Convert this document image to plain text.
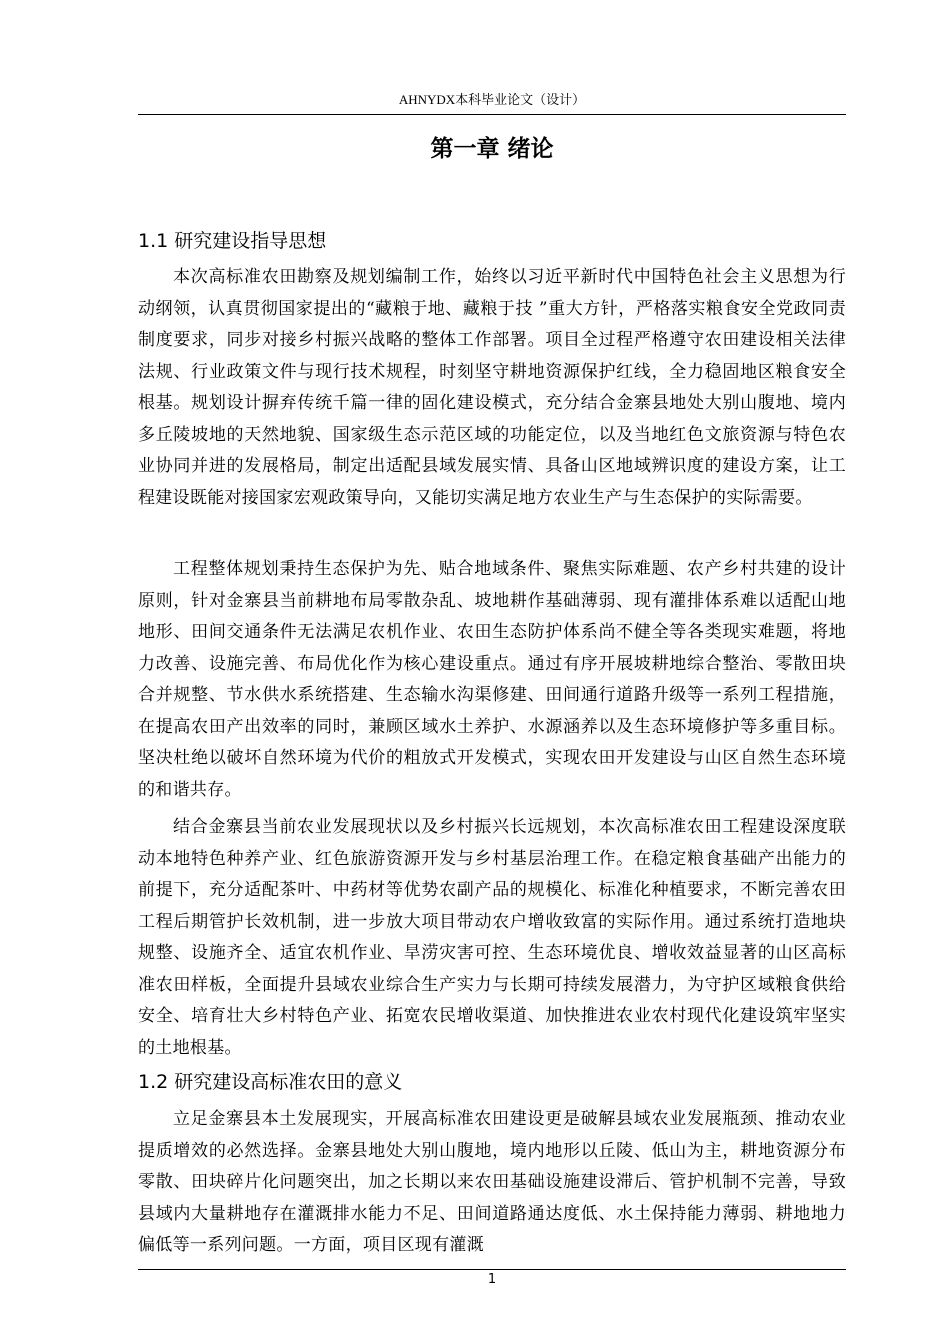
AHNYDX本科毕业论文（设计）
第一章 绪论
1.1 研究建设指导思想

本次高标准农田勘察及规划编制工作，始终以习近平新时代中国特色社会主义思想为行动纲领，认真贯彻国家提出的“藏粮于地、藏粮于技 ”重大方针，严格落实粮食安全党政同责制度要求，同步对接乡村振兴战略的整体工作部署。项目全过程严格遵守农田建设相关法律法规、行业政策文件与现行技术规程，时刻坚守耕地资源保护红线，全力稳固地区粮食安全根基。规划设计摒弃传统千篇一律的固化建设模式，充分结合金寨县地处大别山腹地、境内多丘陵坡地的天然地貌、国家级生态示范区域的功能定位，以及当地红色文旅资源与特色农业协同并进的发展格局，制定出适配县域发展实情、具备山区地域辨识度的建设方案，让工程建设既能对接国家宏观政策导向，又能切实满足地方农业生产与生态保护的实际需要。

工程整体规划秉持生态保护为先、贴合地域条件、聚焦实际难题、农产乡村共建的设计原则，针对金寨县当前耕地布局零散杂乱、坡地耕作基础薄弱、现有灌排体系难以适配山地地形、田间交通条件无法满足农机作业、农田生态防护体系尚不健全等各类现实难题，将地力改善、设施完善、布局优化作为核心建设重点。通过有序开展坡耕地综合整治、零散田块合并规整、节水供水系统搭建、生态输水沟渠修建、田间通行道路升级等一系列工程措施，在提高农田产出效率的同时，兼顾区域水土养护、水源涵养以及生态环境修护等多重目标。坚决杜绝以破坏自然环境为代价的粗放式开发模式，实现农田开发建设与山区自然生态环境的和谐共存。

结合金寨县当前农业发展现状以及乡村振兴长远规划，本次高标准农田工程建设深度联动本地特色种养产业、红色旅游资源开发与乡村基层治理工作。在稳定粮食基础产出能力的前提下，充分适配茶叶、中药材等优势农副产品的规模化、标准化种植要求，不断完善农田工程后期管护长效机制，进一步放大项目带动农户增收致富的实际作用。通过系统打造地块规整、设施齐全、适宜农机作业、旱涝灾害可控、生态环境优良、增收效益显著的山区高标准农田样板，全面提升县域农业综合生产实力与长期可持续发展潜力，为守护区域粮食供给安全、培育壮大乡村特色产业、拓宽农民增收渠道、加快推进农业农村现代化建设筑牢坚实的土地根基。

1.2 研究建设高标准农田的意义

立足金寨县本土发展现实，开展高标准农田建设更是破解县域农业发展瓶颈、推动农业提质增效的必然选择。金寨县地处大别山腹地，境内地形以丘陵、低山为主，耕地资源分布零散、田块碎片化问题突出，加之长期以来农田基础设施建设滞后、管护机制不完善，导致县域内大量耕地存在灌溉排水能力不足、田间道路通达度低、水土保持能力薄弱、耕地地力偏低等一系列问题。一方面，项目区现有灌溉

1
